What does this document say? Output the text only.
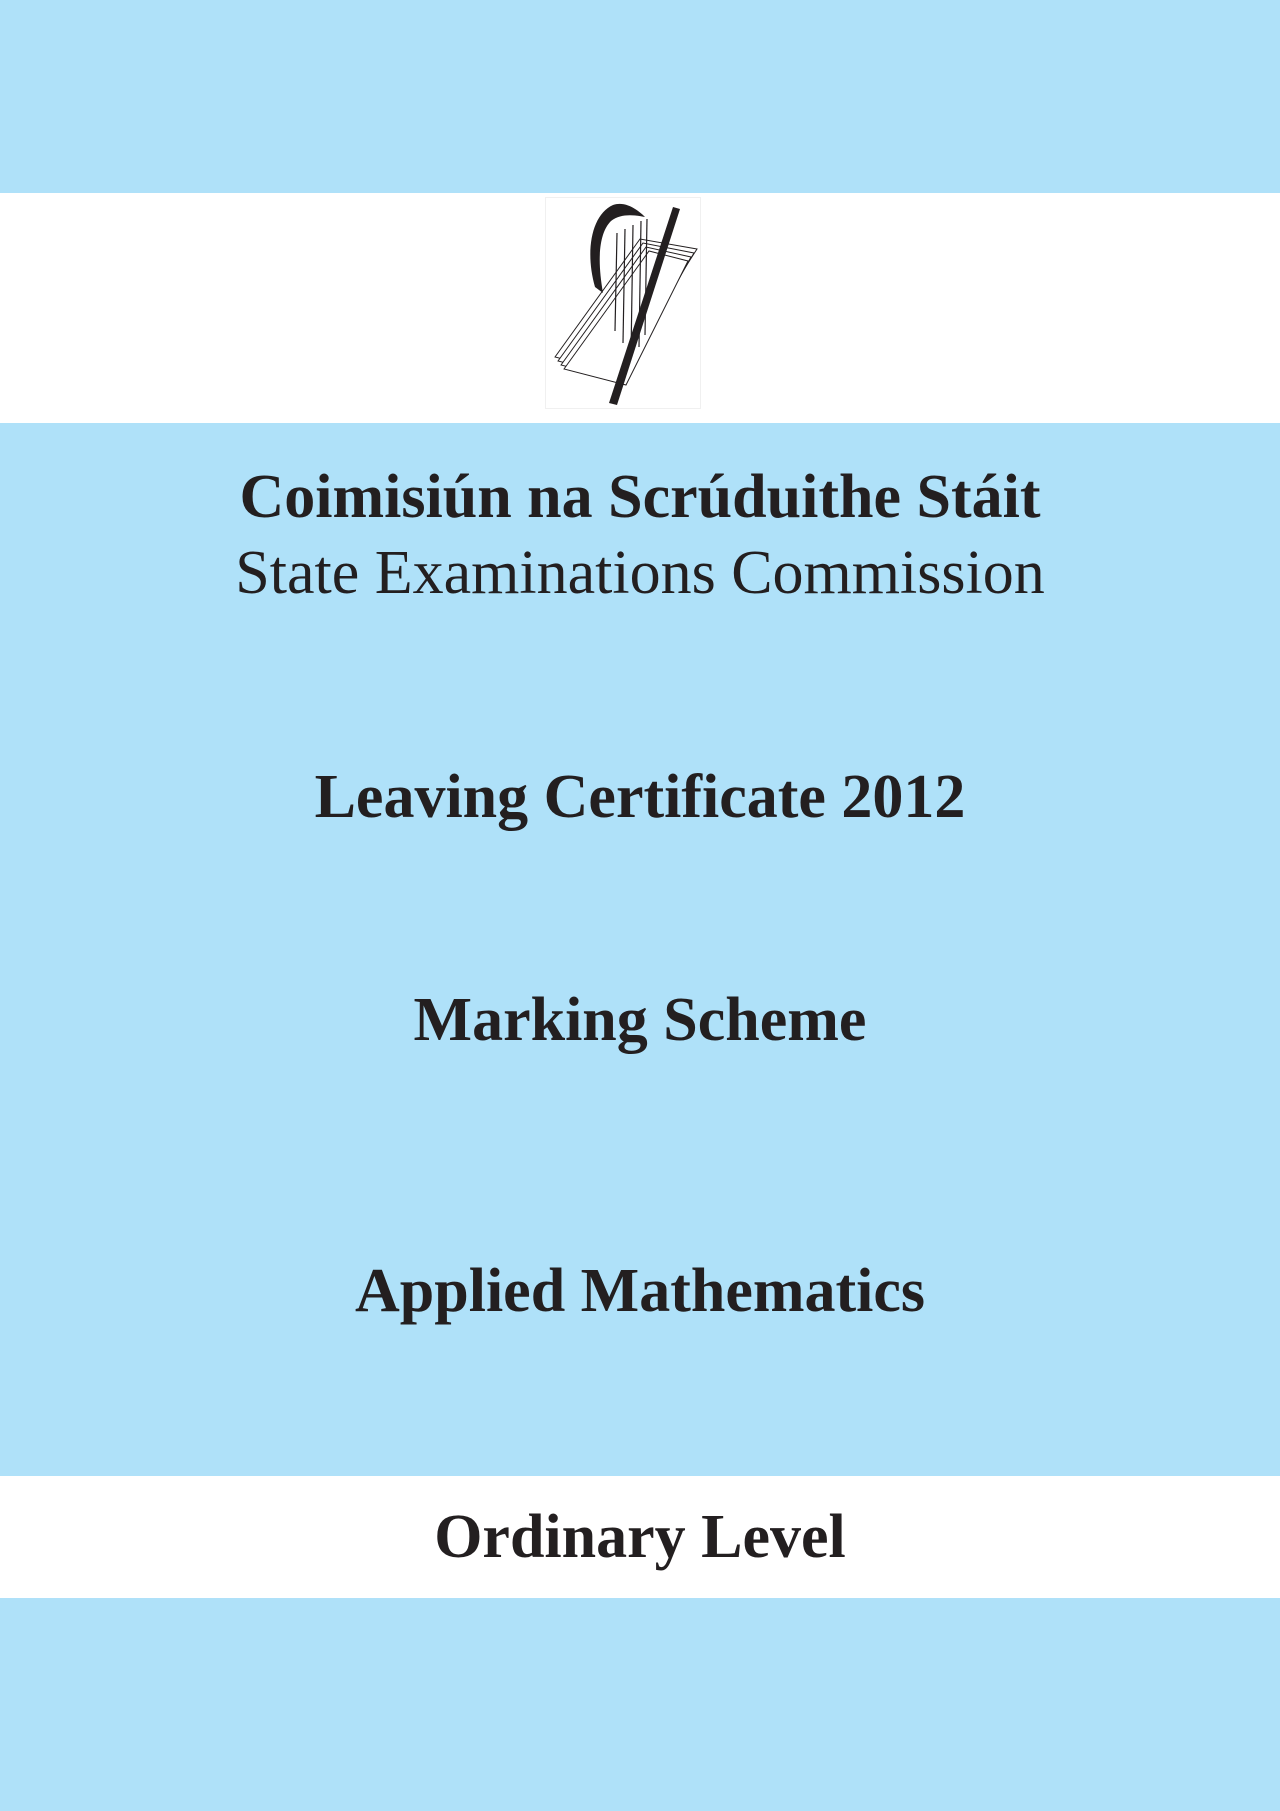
Coimisiún na Scrúduithe Stáit
State Examinations Commission
Leaving Certificate 2012
Marking Scheme
Applied Mathematics
Ordinary Level
